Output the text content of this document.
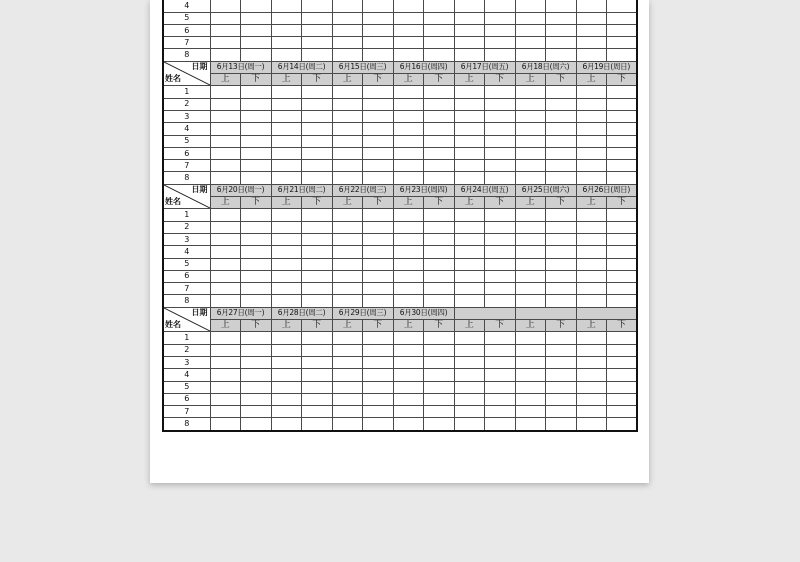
4														
5														
6														
7														
8														

日期
姓名	6月13日(周一)		6月14日(周二)		6月15日(周三)		6月16日(周四)		6月17日(周五)		6月18日(周六)		6月19日(周日)	
	上	下	上	下	上	下	上	下	上	下	上	下	上	下
1														
2														
3														
4														
5														
6														
7														
8														

日期
姓名	6月20日(周一)		6月21日(周二)		6月22日(周三)		6月23日(周四)		6月24日(周五)		6月25日(周六)		6月26日(周日)	
	上	下	上	下	上	下	上	下	上	下	上	下	上	下
1														
2														
3														
4														
5														
6														
7														
8														

日期
姓名	6月27日(周一)		6月28日(周二)		6月29日(周三)		6月30日(周四)							
	上	下	上	下	上	下	上	下	上	下	上	下	上	下
1														
2														
3														
4														
5														
6														
7														
8														
